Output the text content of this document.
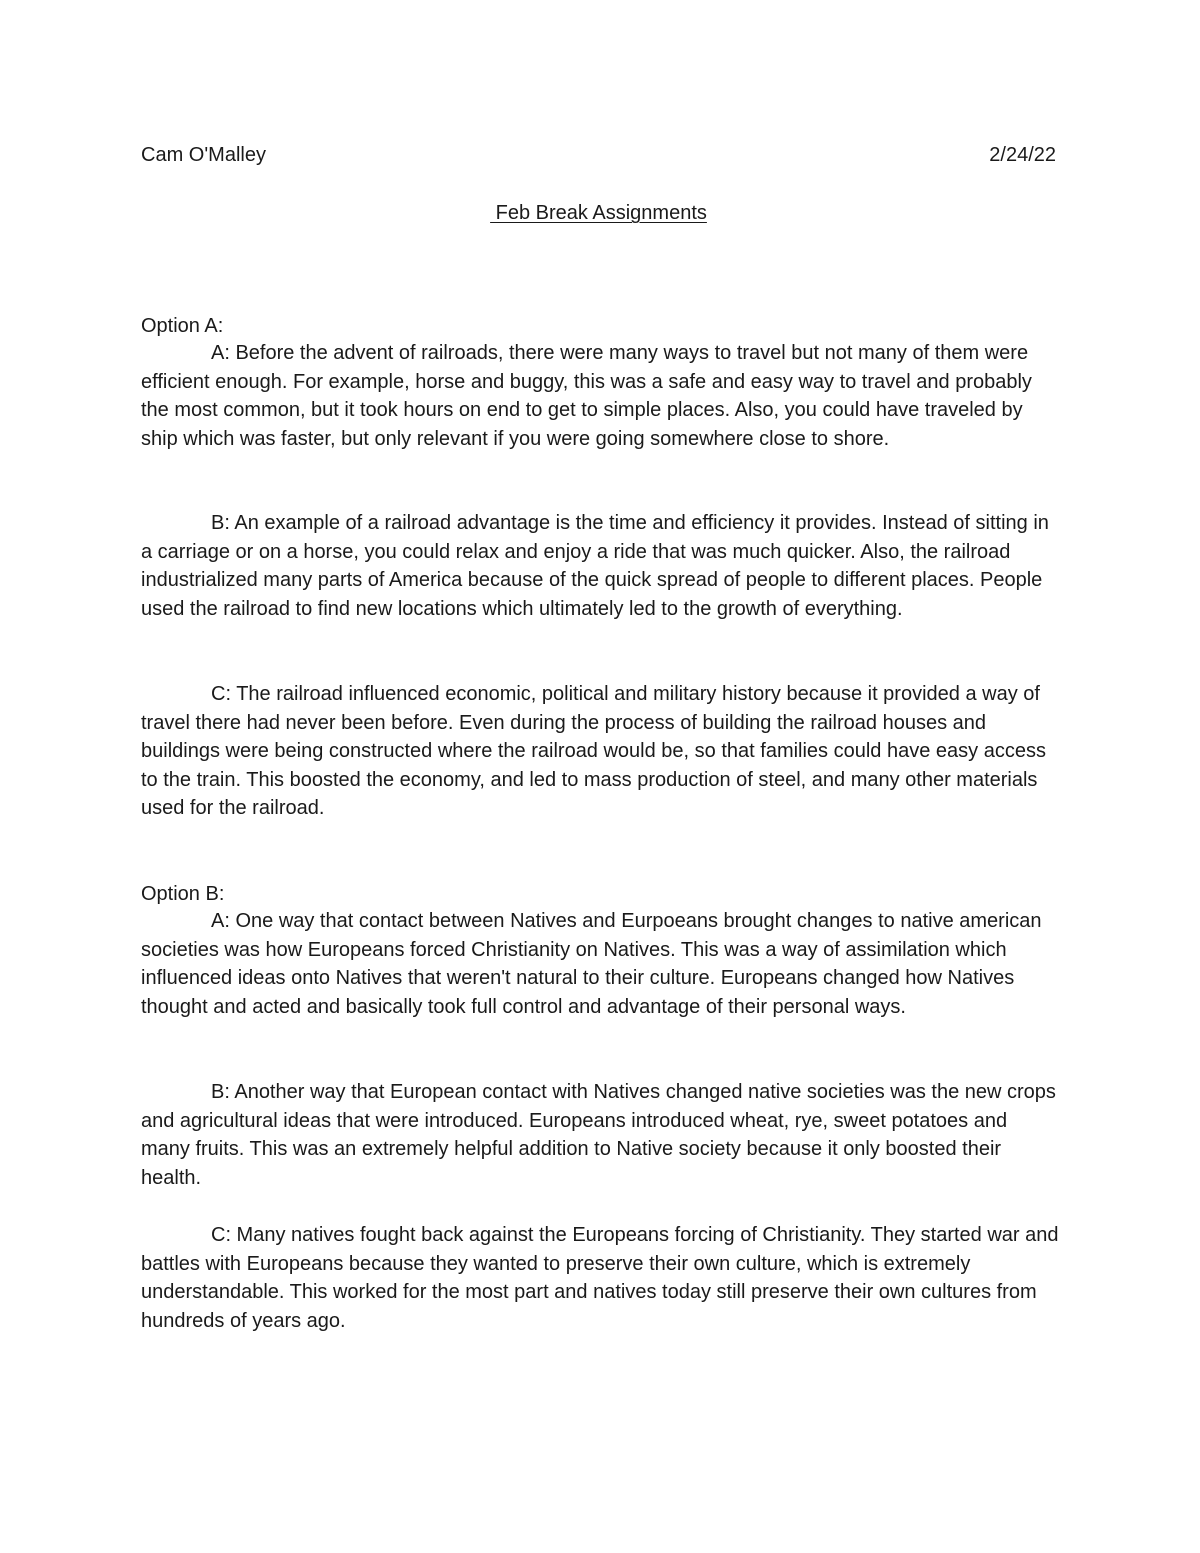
Cam O'Malley	2/24/22
Feb Break Assignments
Option A:

A: Before the advent of railroads, there were many ways to travel but not many of them were efficient enough. For example, horse and buggy, this was a safe and easy way to travel and probably the most common, but it took hours on end to get to simple places. Also, you could have traveled by ship which was faster, but only relevant if you were going somewhere close to shore.

B: An example of a railroad advantage is the time and efficiency it provides. Instead of sitting in a carriage or on a horse, you could relax and enjoy a ride that was much quicker. Also, the railroad industrialized many parts of America because of the quick spread of people to different places. People used the railroad to find new locations which ultimately led to the growth of everything.

C: The railroad influenced economic, political and military history because it provided a way of travel there had never been before. Even during the process of building the railroad houses and buildings were being constructed where the railroad would be, so that families could have easy access to the train. This boosted the economy, and led to mass production of steel, and many other materials used for the railroad.

Option B:

A: One way that contact between Natives and Eurpoeans brought changes to native american societies was how Europeans forced Christianity on Natives. This was a way of assimilation which influenced ideas onto Natives that weren't natural to their culture. Europeans changed how Natives thought and acted and basically took full control and advantage of their personal ways.

B: Another way that European contact with Natives changed native societies was the new crops and agricultural ideas that were introduced. Europeans introduced wheat, rye, sweet potatoes and many fruits. This was an extremely helpful addition to Native society because it only boosted their health.

C: Many natives fought back against the Europeans forcing of Christianity. They started war and battles with Europeans because they wanted to preserve their own culture, which is extremely understandable. This worked for the most part and natives today still preserve their own cultures from hundreds of years ago.
